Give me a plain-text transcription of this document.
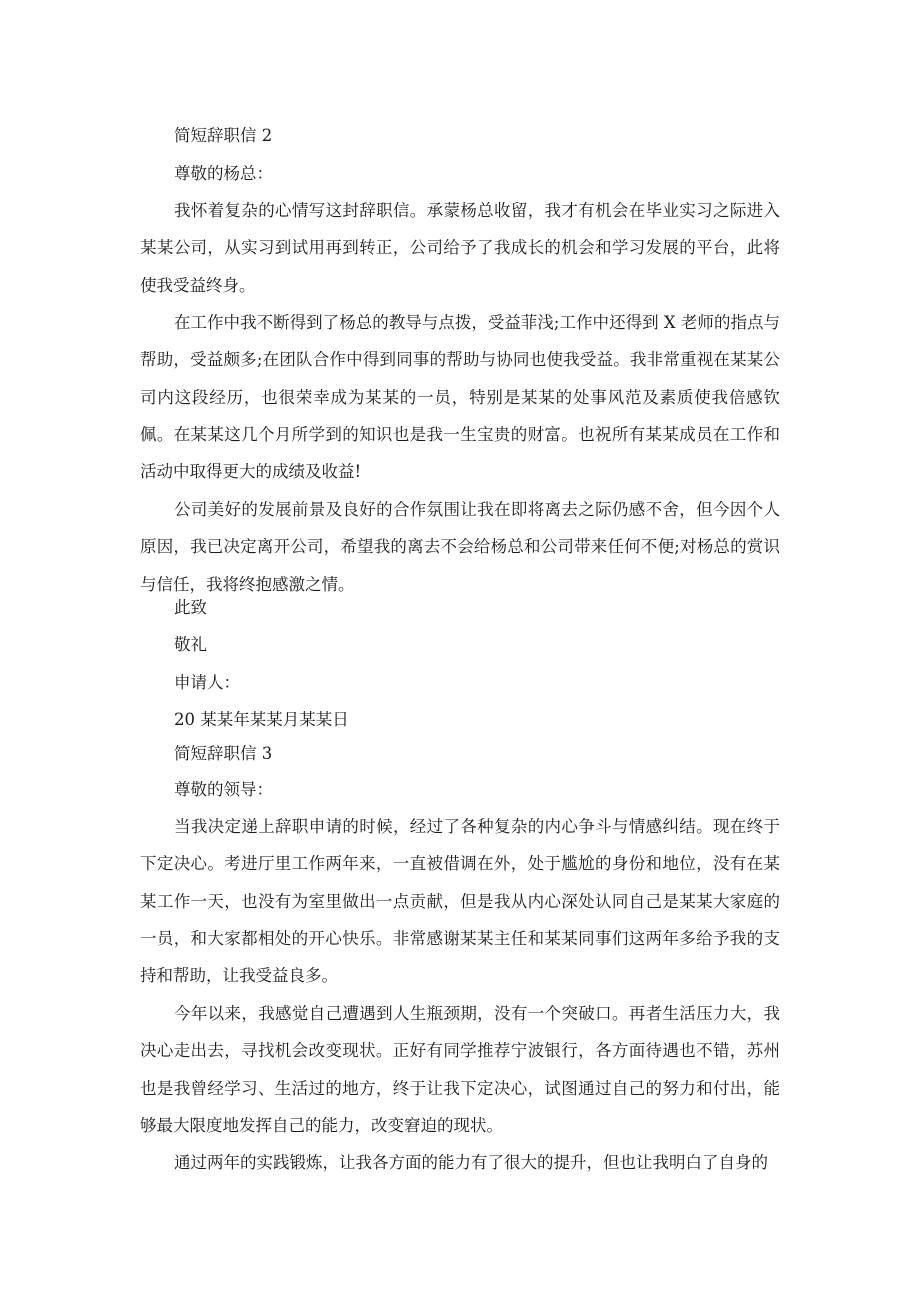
简短辞职信 2
尊敬的杨总：

我怀着复杂的心情写这封辞职信。承蒙杨总收留，我才有机会在毕业实习之际进入某某公司，从实习到试用再到转正，公司给予了我成长的机会和学习发展的平台，此将使我受益终身。

在工作中我不断得到了杨总的教导与点拨，受益菲浅;工作中还得到 X 老师的指点与帮助，受益颇多;在团队合作中得到同事的帮助与协同也使我受益。我非常重视在某某公司内这段经历，也很荣幸成为某某的一员，特别是某某的处事风范及素质使我倍感钦佩。在某某这几个月所学到的知识也是我一生宝贵的财富。也祝所有某某成员在工作和活动中取得更大的成绩及收益!

公司美好的发展前景及良好的合作氛围让我在即将离去之际仍感不舍，但今因个人原因，我已决定离开公司，希望我的离去不会给杨总和公司带来任何不便;对杨总的赏识与信任，我将终抱感激之情。

此致
敬礼
申请人：
20 某某年某某月某某日
简短辞职信 3
尊敬的领导：

当我决定递上辞职申请的时候，经过了各种复杂的内心争斗与情感纠结。现在终于下定决心。考进厅里工作两年来，一直被借调在外，处于尴尬的身份和地位，没有在某某工作一天，也没有为室里做出一点贡献，但是我从内心深处认同自己是某某大家庭的一员，和大家都相处的开心快乐。非常感谢某某主任和某某同事们这两年多给予我的支持和帮助，让我受益良多。

今年以来，我感觉自己遭遇到人生瓶颈期，没有一个突破口。再者生活压力大，我决心走出去，寻找机会改变现状。正好有同学推荐宁波银行，各方面待遇也不错，苏州也是我曾经学习、生活过的地方，终于让我下定决心，试图通过自己的努力和付出，能够最大限度地发挥自己的能力，改变窘迫的现状。

通过两年的实践锻炼，让我各方面的能力有了很大的提升，但也让我明白了自身的
